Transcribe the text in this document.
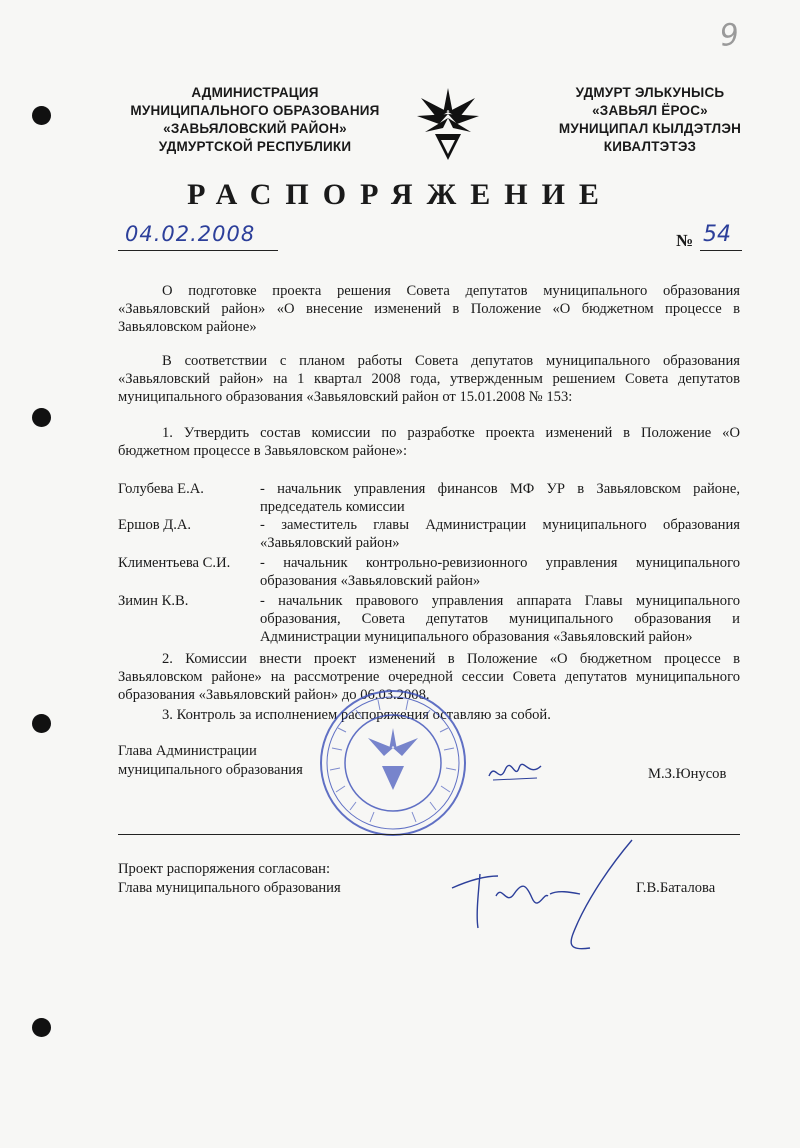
9
АДМИНИСТРАЦИЯ
МУНИЦИПАЛЬНОГО ОБРАЗОВАНИЯ
«ЗАВЬЯЛОВСКИЙ РАЙОН»
УДМУРТСКОЙ РЕСПУБЛИКИ
УДМУРТ ЭЛЬКУНЫСЬ
«ЗАВЬЯЛ ЁРОС»
МУНИЦИПАЛ КЫЛДЭТЛЭН
КИВАЛТЭТЭЗ
РАСПОРЯЖЕНИЕ
04.02.2008	№ 54
О подготовке проекта решения Совета депутатов муниципального образования «Завьяловский район» «О внесение изменений в Положение «О бюджетном процессе в Завьяловском районе»
В соответствии с планом работы Совета депутатов муниципального образования «Завьяловский район» на 1 квартал 2008 года, утвержденным решением Совета депутатов муниципального образования «Завьяловский район от 15.01.2008 № 153:
1. Утвердить состав комиссии по разработке проекта изменений в Положение «О бюджетном процессе в Завьяловском районе»:
Голубева Е.А.	- начальник управления финансов МФ УР в Завьяловском районе, председатель комиссии
Ершов Д.А.	- заместитель главы Администрации муниципального образования «Завьяловский район»
Климентьева С.И.	- начальник контрольно-ревизионного управления муниципального образования «Завьяловский район»
Зимин К.В.	- начальник правового управления аппарата Главы муниципального образования, Совета депутатов муниципального образования и Администрации муниципального образования «Завьяловский район»
2. Комиссии внести проект изменений в Положение «О бюджетном процессе в Завьяловском районе» на рассмотрение очередной сессии Совета депутатов муниципального образования «Завьяловский район» до 06.03.2008.
3. Контроль за исполнением распоряжения оставляю за собой.
Глава Администрации
муниципального образования	М.З.Юнусов
Проект распоряжения согласован:
Глава муниципального образования	Г.В.Баталова
